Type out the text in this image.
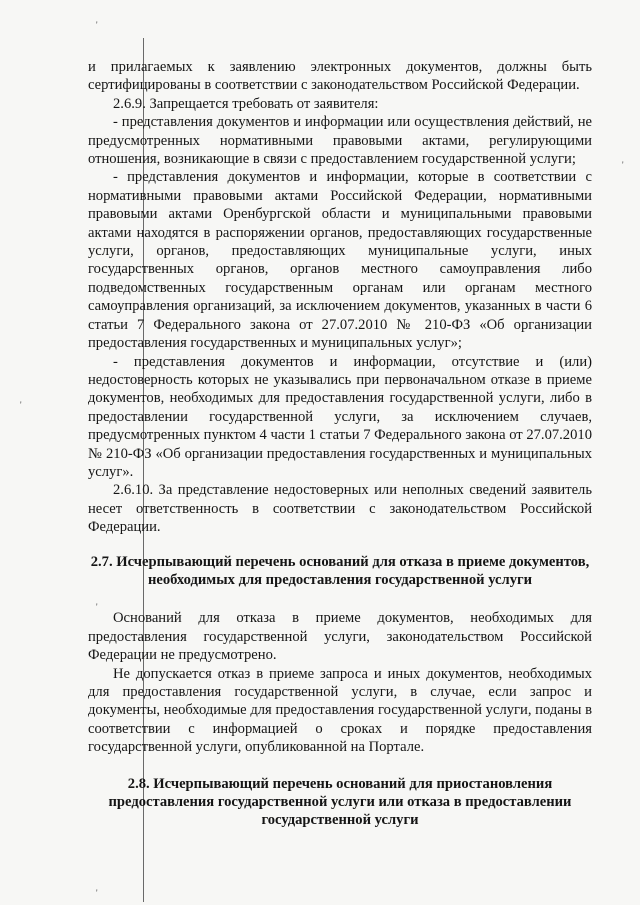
'
'
'
'
'

и прилагаемых к заявлению электронных документов, должны быть сертифицированы в соответствии с законодательством Российской Федерации.

2.6.9. Запрещается требовать от заявителя:

- представления документов и информации или осуществления действий, не предусмотренных нормативными правовыми актами, регулирующими отношения, возникающие в связи с предоставлением государственной услуги;

- представления документов и информации, которые в соответствии с нормативными правовыми актами Российской Федерации, нормативными правовыми актами Оренбургской области и муниципальными правовыми актами находятся в распоряжении органов, предоставляющих государственные услуги, органов, предоставляющих муниципальные услуги, иных государственных органов, органов местного самоуправления либо подведомственных государственным органам или органам местного самоуправления организаций, за исключением документов, указанных в части 6 статьи 7 Федерального закона от 27.07.2010 № 210-ФЗ «Об организации предоставления государственных и муниципальных услуг»;

- представления документов и информации, отсутствие и (или) недостоверность которых не указывались при первоначальном отказе в приеме документов, необходимых для предоставления государственной услуги, либо в предоставлении государственной услуги, за исключением случаев, предусмотренных пунктом 4 части 1 статьи 7 Федерального закона от 27.07.2010 № 210-ФЗ «Об организации предоставления государственных и муниципальных услуг».

2.6.10. За представление недостоверных или неполных сведений заявитель несет ответственность в соответствии с законодательством Российской Федерации.

2.7. Исчерпывающий перечень оснований для отказа в приеме документов, необходимых для предоставления государственной услуги

Оснований для отказа в приеме документов, необходимых для предоставления государственной услуги, законодательством Российской Федерации не предусмотрено.

Не допускается отказ в приеме запроса и иных документов, необходимых для предоставления государственной услуги, в случае, если запрос и документы, необходимые для предоставления государственной услуги, поданы в соответствии с информацией о сроках и порядке предоставления государственной услуги, опубликованной на Портале.

2.8. Исчерпывающий перечень оснований для приостановления предоставления государственной услуги или отказа в предоставлении государственной услуги
